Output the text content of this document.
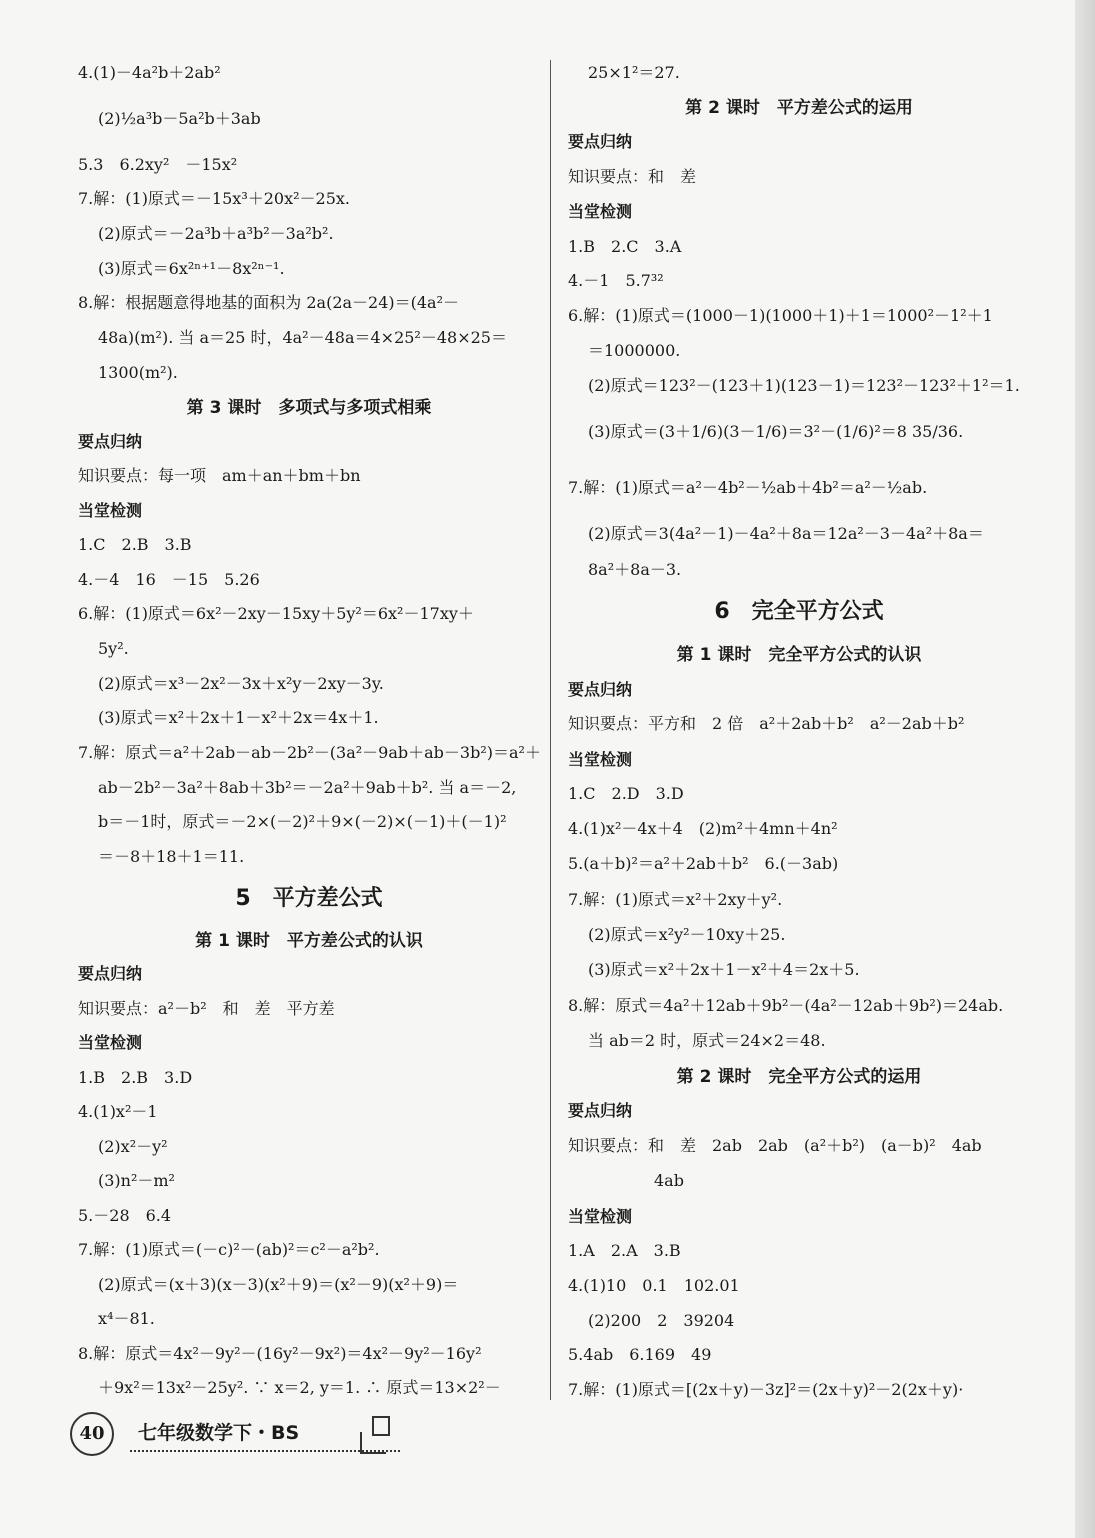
4.(1)－4a²b＋2ab²
(2)½a³b－5a²b＋3ab
5.3　6.2xy²　－15x²
7.解：(1)原式＝－15x³＋20x²－25x.
(2)原式＝－2a³b＋a³b²－3a²b².
(3)原式＝6x²ⁿ⁺¹－8x²ⁿ⁻¹.
8.解：根据题意得地基的面积为 2a(2a－24)＝(4a²－
48a)(m²). 当 a＝25 时，4a²－48a＝4×25²－48×25＝
1300(m²).
第 3 课时　多项式与多项式相乘
要点归纳
知识要点：每一项　am＋an＋bm＋bn
当堂检测
1.C　2.B　3.B
4.－4　16　－15　5.26
6.解：(1)原式＝6x²－2xy－15xy＋5y²＝6x²－17xy＋
5y².
(2)原式＝x³－2x²－3x＋x²y－2xy－3y.
(3)原式＝x²＋2x＋1－x²＋2x＝4x＋1.
7.解：原式＝a²＋2ab－ab－2b²－(3a²－9ab＋ab－3b²)＝a²＋
ab－2b²－3a²＋8ab＋3b²＝－2a²＋9ab＋b². 当 a＝－2,
b＝－1时，原式＝－2×(－2)²＋9×(－2)×(－1)＋(－1)²
＝－8＋18＋1＝11.
5　平方差公式
第 1 课时　平方差公式的认识
要点归纳
知识要点：a²－b²　和　差　平方差
当堂检测
1.B　2.B　3.D
4.(1)x²－1
(2)x²－y²
(3)n²－m²
5.－28　6.4
7.解：(1)原式＝(－c)²－(ab)²＝c²－a²b².
(2)原式＝(x＋3)(x－3)(x²＋9)＝(x²－9)(x²＋9)＝
x⁴－81.
8.解：原式＝4x²－9y²－(16y²－9x²)＝4x²－9y²－16y²
＋9x²＝13x²－25y². ∵ x＝2, y＝1. ∴ 原式＝13×2²－
25×1²＝27.
第 2 课时　平方差公式的运用
要点归纳
知识要点：和　差
当堂检测
1.B　2.C　3.A
4.－1　5.7³²
6.解：(1)原式＝(1000－1)(1000＋1)＋1＝1000²－1²＋1
＝1000000.
(2)原式＝123²－(123＋1)(123－1)＝123²－123²＋1²＝1.
(3)原式＝(3＋1/6)(3－1/6)＝3²－(1/6)²＝8 35/36.
7.解：(1)原式＝a²－4b²－½ab＋4b²＝a²－½ab.
(2)原式＝3(4a²－1)－4a²＋8a＝12a²－3－4a²＋8a＝
8a²＋8a－3.
6　完全平方公式
第 1 课时　完全平方公式的认识
要点归纳
知识要点：平方和　2 倍　a²＋2ab＋b²　a²－2ab＋b²
当堂检测
1.C　2.D　3.D
4.(1)x²－4x＋4　(2)m²＋4mn＋4n²
5.(a＋b)²＝a²＋2ab＋b²　6.(－3ab)
7.解：(1)原式＝x²＋2xy＋y².
(2)原式＝x²y²－10xy＋25.
(3)原式＝x²＋2x＋1－x²＋4＝2x＋5.
8.解：原式＝4a²＋12ab＋9b²－(4a²－12ab＋9b²)＝24ab.
当 ab＝2 时，原式＝24×2＝48.
第 2 课时　完全平方公式的运用
要点归纳
知识要点：和　差　2ab　2ab　(a²＋b²)　(a－b)²　4ab
4ab
当堂检测
1.A　2.A　3.B
4.(1)10　0.1　102.01
(2)200　2　39204
5.4ab　6.169　49
7.解：(1)原式＝[(2x＋y)－3z]²＝(2x＋y)²－2(2x＋y)·
40	七年级数学下・BS
